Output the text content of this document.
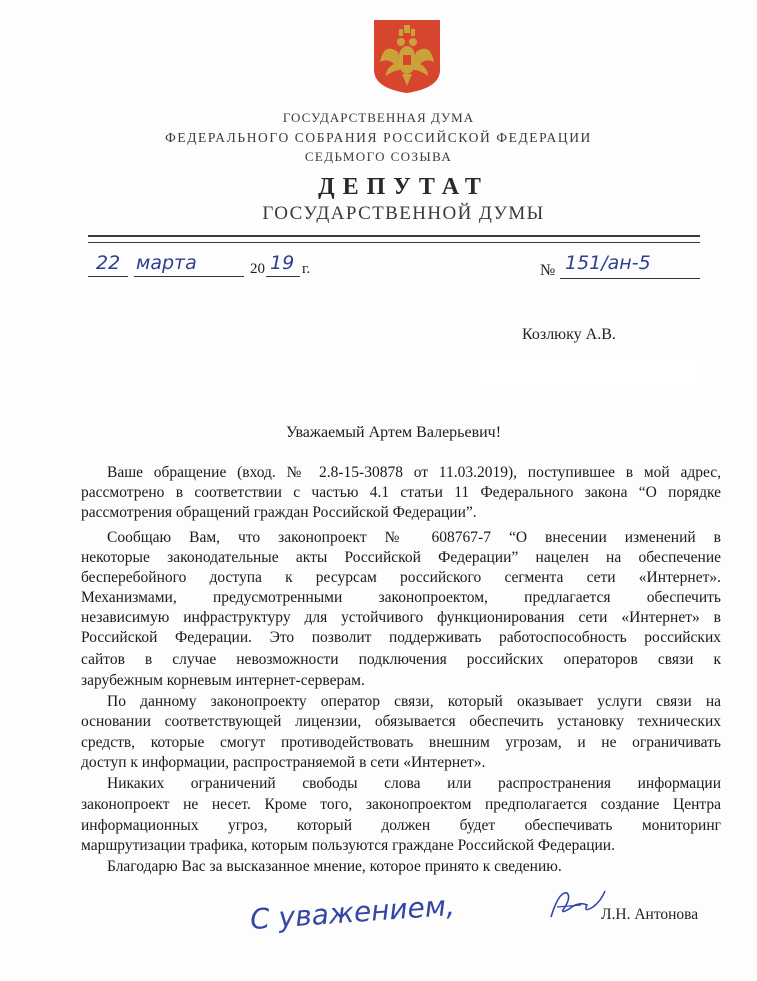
ГОСУДАРСТВЕННАЯ ДУМА
ФЕДЕРАЛЬНОГО СОБРАНИЯ РОССИЙСКОЙ ФЕДЕРАЦИИ
СЕДЬМОГО СОЗЫВА
ДЕПУТАТ
ГОСУДАРСТВЕННОЙ ДУМЫ
22 марта	20 19 г.	№ 151/ан-5
Козлюку А.В.
Уважаемый Артем Валерьевич!
Ваше обращение (вход. № 2.8-15-30878 от 11.03.2019), поступившее в мой адрес,
рассмотрено в соответствии с частью 4.1 статьи 11 Федерального закона “О порядке
рассмотрения обращений граждан Российской Федерации”.
Сообщаю Вам, что законопроект № 608767-7 “О внесении изменений в
некоторые законодательные акты Российской Федерации” нацелен на обеспечение
бесперебойного доступа к ресурсам российского сегмента сети «Интернет».
Механизмами, предусмотренными законопроектом, предлагается обеспечить
независимую инфраструктуру для устойчивого функционирования сети «Интернет» в
Российской Федерации. Это позволит поддерживать работоспособность российских
сайтов в случае невозможности подключения российских операторов связи к
зарубежным корневым интернет-серверам.
По данному законопроекту оператор связи, который оказывает услуги связи на
основании соответствующей лицензии, обязывается обеспечить установку технических
средств, которые смогут противодействовать внешним угрозам, и не ограничивать
доступ к информации, распространяемой в сети «Интернет».
Никаких ограничений свободы слова или распространения информации
законопроект не несет. Кроме того, законопроектом предполагается создание Центра
информационных угроз, который должен будет обеспечивать мониторинг
маршрутизации трафика, которым пользуются граждане Российской Федерации.
Благодарю Вас за высказанное мнение, которое принято к сведению.
С уважением,	Л.Н. Антонова
